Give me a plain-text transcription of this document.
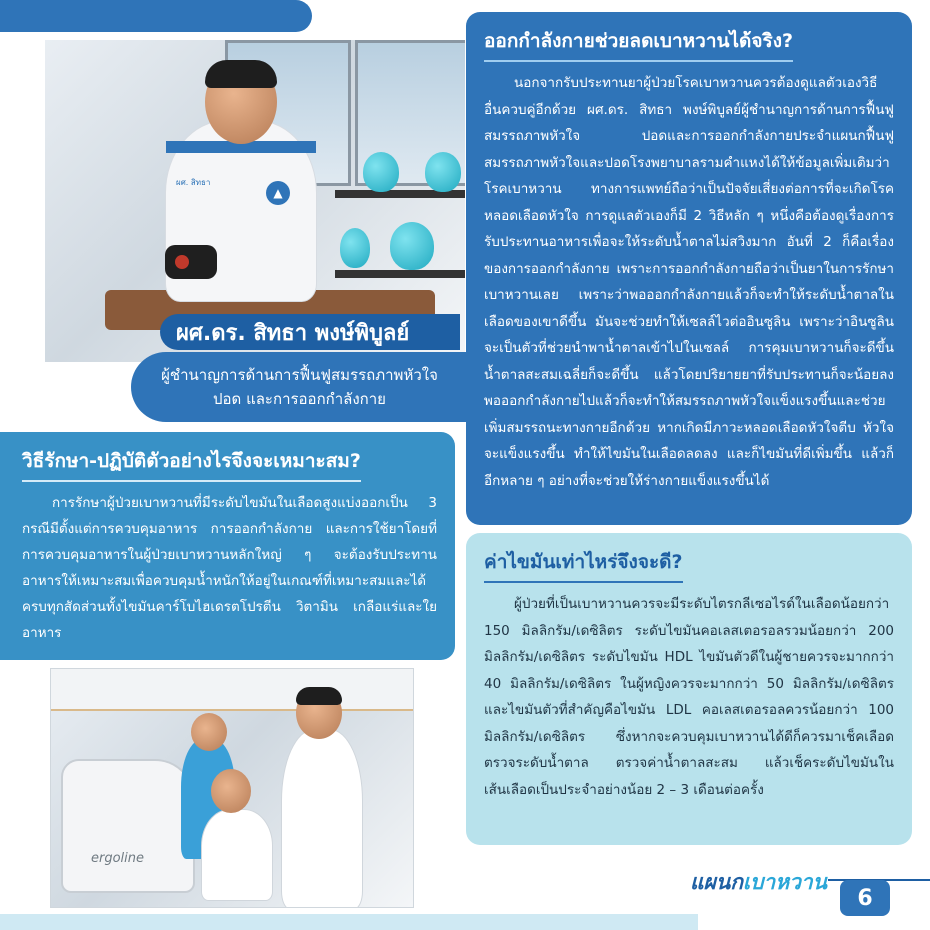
▲
ผศ. สิทธา
ผศ.ดร. สิทธา พงษ์พิบูลย์
ผู้ชำนาญการด้านการฟื้นฟูสมรรถภาพหัวใจ
ปอด และการออกกำลังกาย
ออกกำลังกายช่วยลดเบาหวานได้จริง?

นอกจากรับประทานยาผู้ป่วยโรคเบาหวานควรต้องดูแลตัวเองวิธีอื่นควบคู่อีกด้วย ผศ.ดร. สิทธา พงษ์พิบูลย์ผู้ชำนาญการด้านการฟื้นฟูสมรรถภาพหัวใจ ปอดและการออกกำลังกายประจำแผนกฟื้นฟูสมรรถภาพหัวใจและปอดโรงพยาบาลรามคำแหงได้ให้ข้อมูลเพิ่มเติมว่าโรคเบาหวาน ทางการแพทย์ถือว่าเป็นปัจจัยเสี่ยงต่อการที่จะเกิดโรคหลอดเลือดหัวใจ การดูแลตัวเองก็มี 2 วิธีหลัก ๆ หนึ่งคือต้องดูเรื่องการรับประทานอาหารเพื่อจะให้ระดับน้ำตาลไม่สวิงมาก อันที่ 2 ก็คือเรื่องของการออกกำลังกาย เพราะการออกกำลังกายถือว่าเป็นยาในการรักษาเบาหวานเลย เพราะว่าพอออกกำลังกายแล้วก็จะทำให้ระดับน้ำตาลในเลือดของเขาดีขึ้น มันจะช่วยทำให้เซลล์ไวต่ออินซูลิน เพราะว่าอินซูลินจะเป็นตัวที่ช่วยนำพาน้ำตาลเข้าไปในเซลล์ การคุมเบาหวานก็จะดีขึ้น น้ำตาลสะสมเฉลี่ยก็จะดีขึ้น แล้วโดยปริยายยาที่รับประทานก็จะน้อยลง พอออกกำลังกายไปแล้วก็จะทำให้สมรรถภาพหัวใจแข็งแรงขึ้นและช่วยเพิ่มสมรรถนะทางกายอีกด้วย หากเกิดมีภาวะหลอดเลือดหัวใจตีบ หัวใจจะแข็งแรงขึ้น ทำให้ไขมันในเลือดลดลง และก็ไขมันที่ดีเพิ่มขึ้น แล้วก็อีกหลาย ๆ อย่างที่จะช่วยให้ร่างกายแข็งแรงขึ้นได้

วิธีรักษา-ปฏิบัติตัวอย่างไรจึงจะเหมาะสม?

การรักษาผู้ป่วยเบาหวานที่มีระดับไขมันในเลือดสูงแบ่งออกเป็น 3 กรณีมีตั้งแต่การควบคุมอาหาร การออกกำลังกาย และการใช้ยาโดยที่การควบคุมอาหารในผู้ป่วยเบาหวานหลักใหญ่ ๆ จะต้องรับประทานอาหารให้เหมาะสมเพื่อควบคุมน้ำหนักให้อยู่ในเกณฑ์ที่เหมาะสมและได้ครบทุกสัดส่วนทั้งไขมันคาร์โบไฮเดรตโปรตีน วิตามิน เกลือแร่และใยอาหาร

ค่าไขมันเท่าไหร่จึงจะดี?

ผู้ป่วยที่เป็นเบาหวานควรจะมีระดับไตรกลีเซอไรด์ในเลือดน้อยกว่า 150 มิลลิกรัม/เดซิลิตร ระดับไขมันคอเลสเตอรอลรวมน้อยกว่า 200 มิลลิกรัม/เดซิลิตร ระดับไขมัน HDL ไขมันตัวดีในผู้ชายควรจะมากกว่า 40 มิลลิกรัม/เดซิลิตร ในผู้หญิงควรจะมากกว่า 50 มิลลิกรัม/เดซิลิตร และไขมันตัวที่สำคัญคือไขมัน LDL คอเลสเตอรอลควรน้อยกว่า 100 มิลลิกรัม/เดซิลิตร ซึ่งหากจะควบคุมเบาหวานได้ดีก็ควรมาเช็คเลือด ตรวจระดับน้ำตาล ตรวจค่าน้ำตาลสะสม แล้วเช็คระดับไขมันในเส้นเลือดเป็นประจำอย่างน้อย 2 – 3 เดือนต่อครั้ง

ergoline
แผนกเบาหวาน
6
